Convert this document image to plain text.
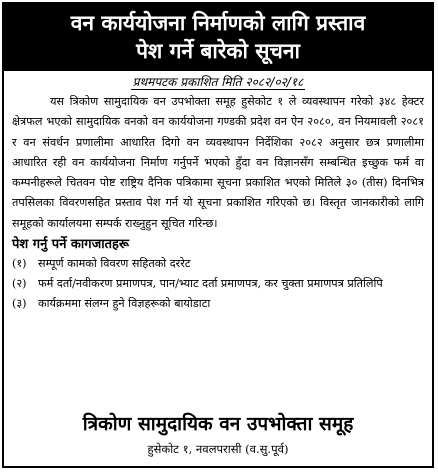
वन कार्ययोजना निर्माणको लागि प्रस्ताव
पेश गर्ने बारेको सूचना
प्रथमपटक प्रकाशित मिति २०८२/०२/१८

यस त्रिकोण सामुदायिक वन उपभोक्ता समूह हुसेकोट १ ले व्यवस्थापन गरेको ३४८ हेक्टर क्षेत्रफल भएको सामुदायिक वनको वन कार्ययोजना गण्डकी प्रदेश वन ऐन २०८०, वन नियमावली २०८१ र वन संवर्धन प्रणालीमा आधारित दिगो वन व्यवस्थापन निर्देशिका २०८२ अनुसार छत्र प्रणालीमा आधारित रही वन कार्ययोजना निर्माण गर्नुपर्ने भएको हुँदा वन विज्ञानसँग सम्बन्धित इच्छुक फर्म वा कम्पनीहरूले चितवन पोष्ट राष्ट्रिय दैनिक पत्रिकामा सूचना प्रकाशित भएको मितिले ३० (तीस) दिनभित्र तपसिलका विवरणसहित प्रस्ताव पेश गर्न यो सूचना प्रकाशित गरिएको छ। विस्तृत जानकारीको लागि समूहको कार्यालयमा सम्पर्क राख्नुहुन सूचित गरिन्छ।

पेश गर्नु पर्ने कागजातहरू
(१)	सम्पूर्ण कामको विवरण सहितको दररेट
(२)	फर्म दर्ता/नवीकरण प्रमाणपत्र, पान/भ्याट दर्ता प्रमाणपत्र, कर चुक्ता प्रमाणपत्र प्रतिलिपि
(३)	कार्यक्रममा संलग्न हुने विज्ञहरूको बायोडाटा
त्रिकोण सामुदायिक वन उपभोक्ता समूह
हुसेकोट १, नवलपरासी (व.सु.पूर्व)
